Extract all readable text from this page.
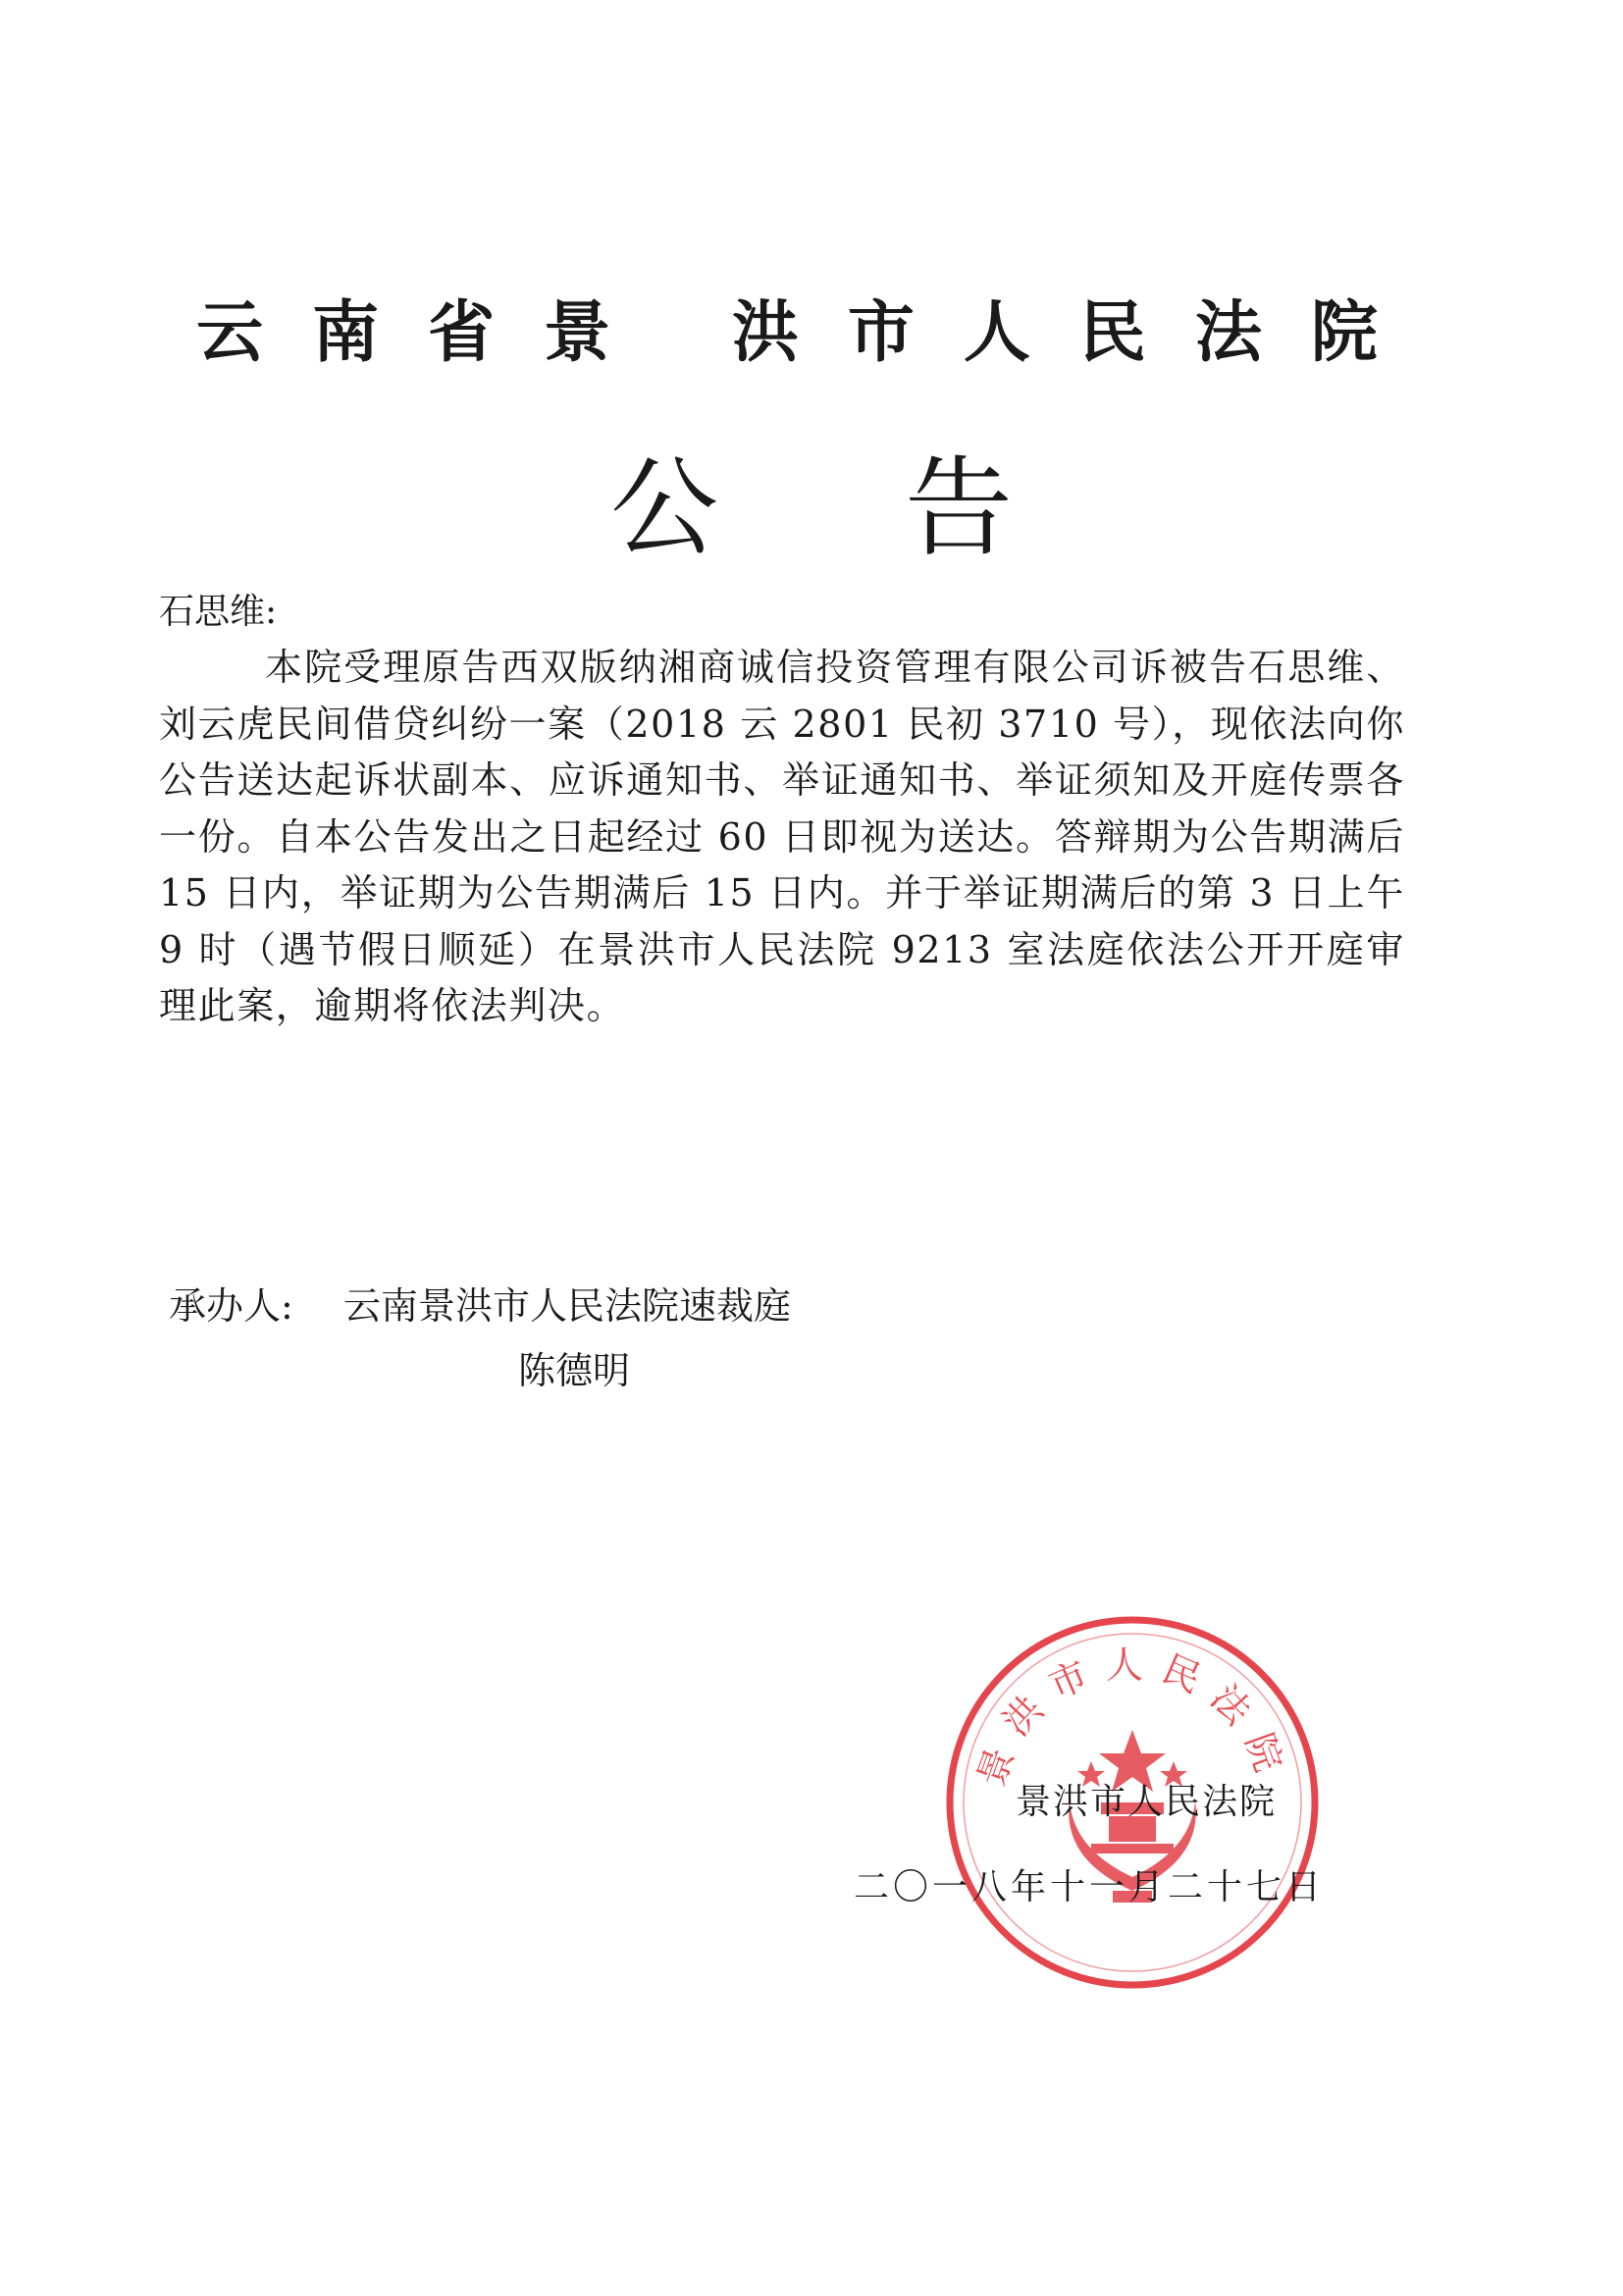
云南省景 洪市人民法院
公告
石思维:
本院受理原告西双版纳湘商诚信投资管理有限公司诉被告石思维、刘云虎民间借贷纠纷一案（2018 云 2801 民初 3710 号），现依法向你公告送达起诉状副本、应诉通知书、举证通知书、举证须知及开庭传票各一份。自本公告发出之日起经过 60 日即视为送达。答辩期为公告期满后 15 日内，举证期为公告期满后 15 日内。并于举证期满后的第 3 日上午 9 时（遇节假日顺延）在景洪市人民法院 9213 室法庭依法公开开庭审理此案，逾期将依法判决。
承办人: 云南景洪市人民法院速裁庭
陈德明
景洪市人民法院
景洪市人民法院
二〇一八年十一月二十七日
